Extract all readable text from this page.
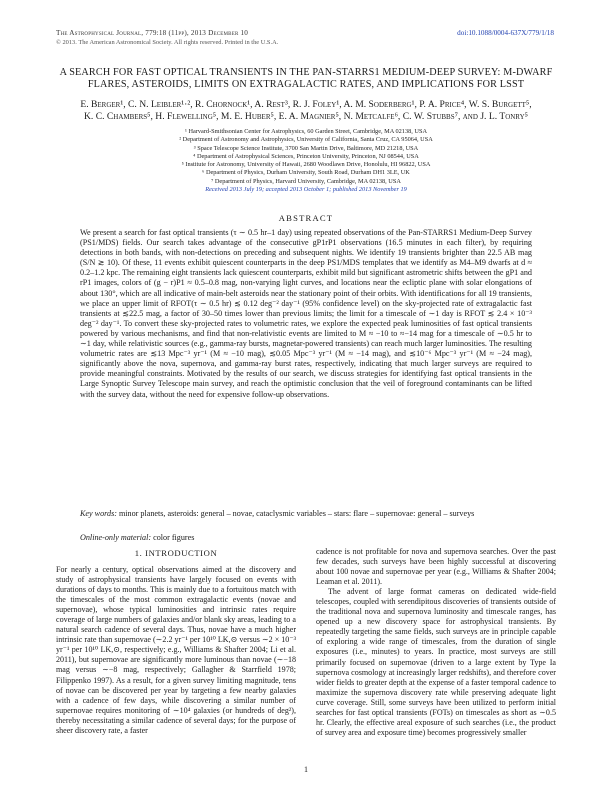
The Astrophysical Journal, 779:18 (11pp), 2013 December 10
© 2013. The American Astronomical Society. All rights reserved. Printed in the U.S.A.
doi:10.1088/0004-637X/779/1/18
A SEARCH FOR FAST OPTICAL TRANSIENTS IN THE PAN-STARRS1 MEDIUM-DEEP SURVEY: M-DWARF FLARES, ASTEROIDS, LIMITS ON EXTRAGALACTIC RATES, AND IMPLICATIONS FOR LSST
E. Berger¹, C. N. Leibler¹·², R. Chornock¹, A. Rest³, R. J. Foley¹, A. M. Soderberg¹, P. A. Price⁴, W. S. Burgett⁵,
K. C. Chambers⁵, H. Flewelling⁵, M. E. Huber⁵, E. A. Magnier⁵, N. Metcalfe⁶, C. W. Stubbs⁷, and J. L. Tonry⁵
¹ Harvard-Smithsonian Center for Astrophysics, 60 Garden Street, Cambridge, MA 02138, USA
² Department of Astronomy and Astrophysics, University of California, Santa Cruz, CA 95064, USA
³ Space Telescope Science Institute, 3700 San Martin Drive, Baltimore, MD 21218, USA
⁴ Department of Astrophysical Sciences, Princeton University, Princeton, NJ 08544, USA
⁵ Institute for Astronomy, University of Hawaii, 2680 Woodlawn Drive, Honolulu, HI 96822, USA
⁶ Department of Physics, Durham University, South Road, Durham DH1 3LE, UK
⁷ Department of Physics, Harvard University, Cambridge, MA 02138, USA
Received 2013 July 19; accepted 2013 October 1; published 2013 November 19
ABSTRACT
We present a search for fast optical transients (τ ∼ 0.5 hr–1 day) using repeated observations of the Pan-STARRS1 Medium-Deep Survey (PS1/MDS) fields. Our search takes advantage of the consecutive gP1rP1 observations (16.5 minutes in each filter), by requiring detections in both bands, with non-detections on preceding and subsequent nights. We identify 19 transients brighter than 22.5 AB mag (S/N ≳ 10). Of these, 11 events exhibit quiescent counterparts in the deep PS1/MDS templates that we identify as M4–M9 dwarfs at d ≈ 0.2–1.2 kpc. The remaining eight transients lack quiescent counterparts, exhibit mild but significant astrometric shifts between the gP1 and rP1 images, colors of (g − r)P1 ≈ 0.5–0.8 mag, non-varying light curves, and locations near the ecliptic plane with solar elongations of about 130°, which are all indicative of main-belt asteroids near the stationary point of their orbits. With identifications for all 19 transients, we place an upper limit of RFOT(τ ∼ 0.5 hr) ≲ 0.12 deg⁻² day⁻¹ (95% confidence level) on the sky-projected rate of extragalactic fast transients at ≲22.5 mag, a factor of 30–50 times lower than previous limits; the limit for a timescale of ∼1 day is RFOT ≲ 2.4 × 10⁻³ deg⁻² day⁻¹. To convert these sky-projected rates to volumetric rates, we explore the expected peak luminosities of fast optical transients powered by various mechanisms, and find that non-relativistic events are limited to M ≈ −10 to ≈−14 mag for a timescale of ∼0.5 hr to ∼1 day, while relativistic sources (e.g., gamma-ray bursts, magnetar-powered transients) can reach much larger luminosities. The resulting volumetric rates are ≲13 Mpc⁻³ yr⁻¹ (M ≈ −10 mag), ≲0.05 Mpc⁻³ yr⁻¹ (M ≈ −14 mag), and ≲10⁻⁶ Mpc⁻³ yr⁻¹ (M ≈ −24 mag), significantly above the nova, supernova, and gamma-ray burst rates, respectively, indicating that much larger surveys are required to provide meaningful constraints. Motivated by the results of our search, we discuss strategies for identifying fast optical transients in the Large Synoptic Survey Telescope main survey, and reach the optimistic conclusion that the veil of foreground contaminants can be lifted with the survey data, without the need for expensive follow-up observations.
Key words: minor planets, asteroids: general – novae, cataclysmic variables – stars: flare – supernovae: general – surveys
Online-only material: color figures
1. INTRODUCTION

For nearly a century, optical observations aimed at the discovery and study of astrophysical transients have largely focused on events with durations of days to months. This is mainly due to a fortuitous match with the timescales of the most common extragalactic events (novae and supernovae), whose typical luminosities and intrinsic rates require coverage of large numbers of galaxies and/or blank sky areas, leading to a natural search cadence of several days. Thus, novae have a much higher intrinsic rate than supernovae (∼2.2 yr⁻¹ per 10¹⁰ LK,⊙ versus ∼2 × 10⁻³ yr⁻¹ per 10¹⁰ LK,⊙, respectively; e.g., Williams & Shafter 2004; Li et al. 2011), but supernovae are significantly more luminous than novae (∼−18 mag versus ∼−8 mag, respectively; Gallagher & Starrfield 1978; Filippenko 1997). As a result, for a given survey limiting magnitude, tens of novae can be discovered per year by targeting a few nearby galaxies with a cadence of few days, while discovering a similar number of supernovae requires monitoring of ∼10⁴ galaxies (or hundreds of deg²), thereby necessitating a similar cadence of several days; for the purpose of sheer discovery rate, a faster

cadence is not profitable for nova and supernova searches. Over the past few decades, such surveys have been highly successful at discovering about 100 novae and supernovae per year (e.g., Williams & Shafter 2004; Leaman et al. 2011).

The advent of large format cameras on dedicated wide-field telescopes, coupled with serendipitous discoveries of transients outside of the traditional nova and supernova luminosity and timescale ranges, has opened up a new discovery space for astrophysical transients. By repeatedly targeting the same fields, such surveys are in principle capable of exploring a wide range of timescales, from the duration of single exposures (i.e., minutes) to years. In practice, most surveys are still primarily focused on supernovae (driven to a large extent by Type Ia supernova cosmology at increasingly larger redshifts), and therefore cover wider fields to greater depth at the expense of a faster temporal cadence to maximize the supernova discovery rate while preserving adequate light curve coverage. Still, some surveys have been utilized to perform initial searches for fast optical transients (FOTs) on timescales as short as ∼0.5 hr. Clearly, the effective areal exposure of such searches (i.e., the product of survey area and exposure time) becomes progressively smaller

1
